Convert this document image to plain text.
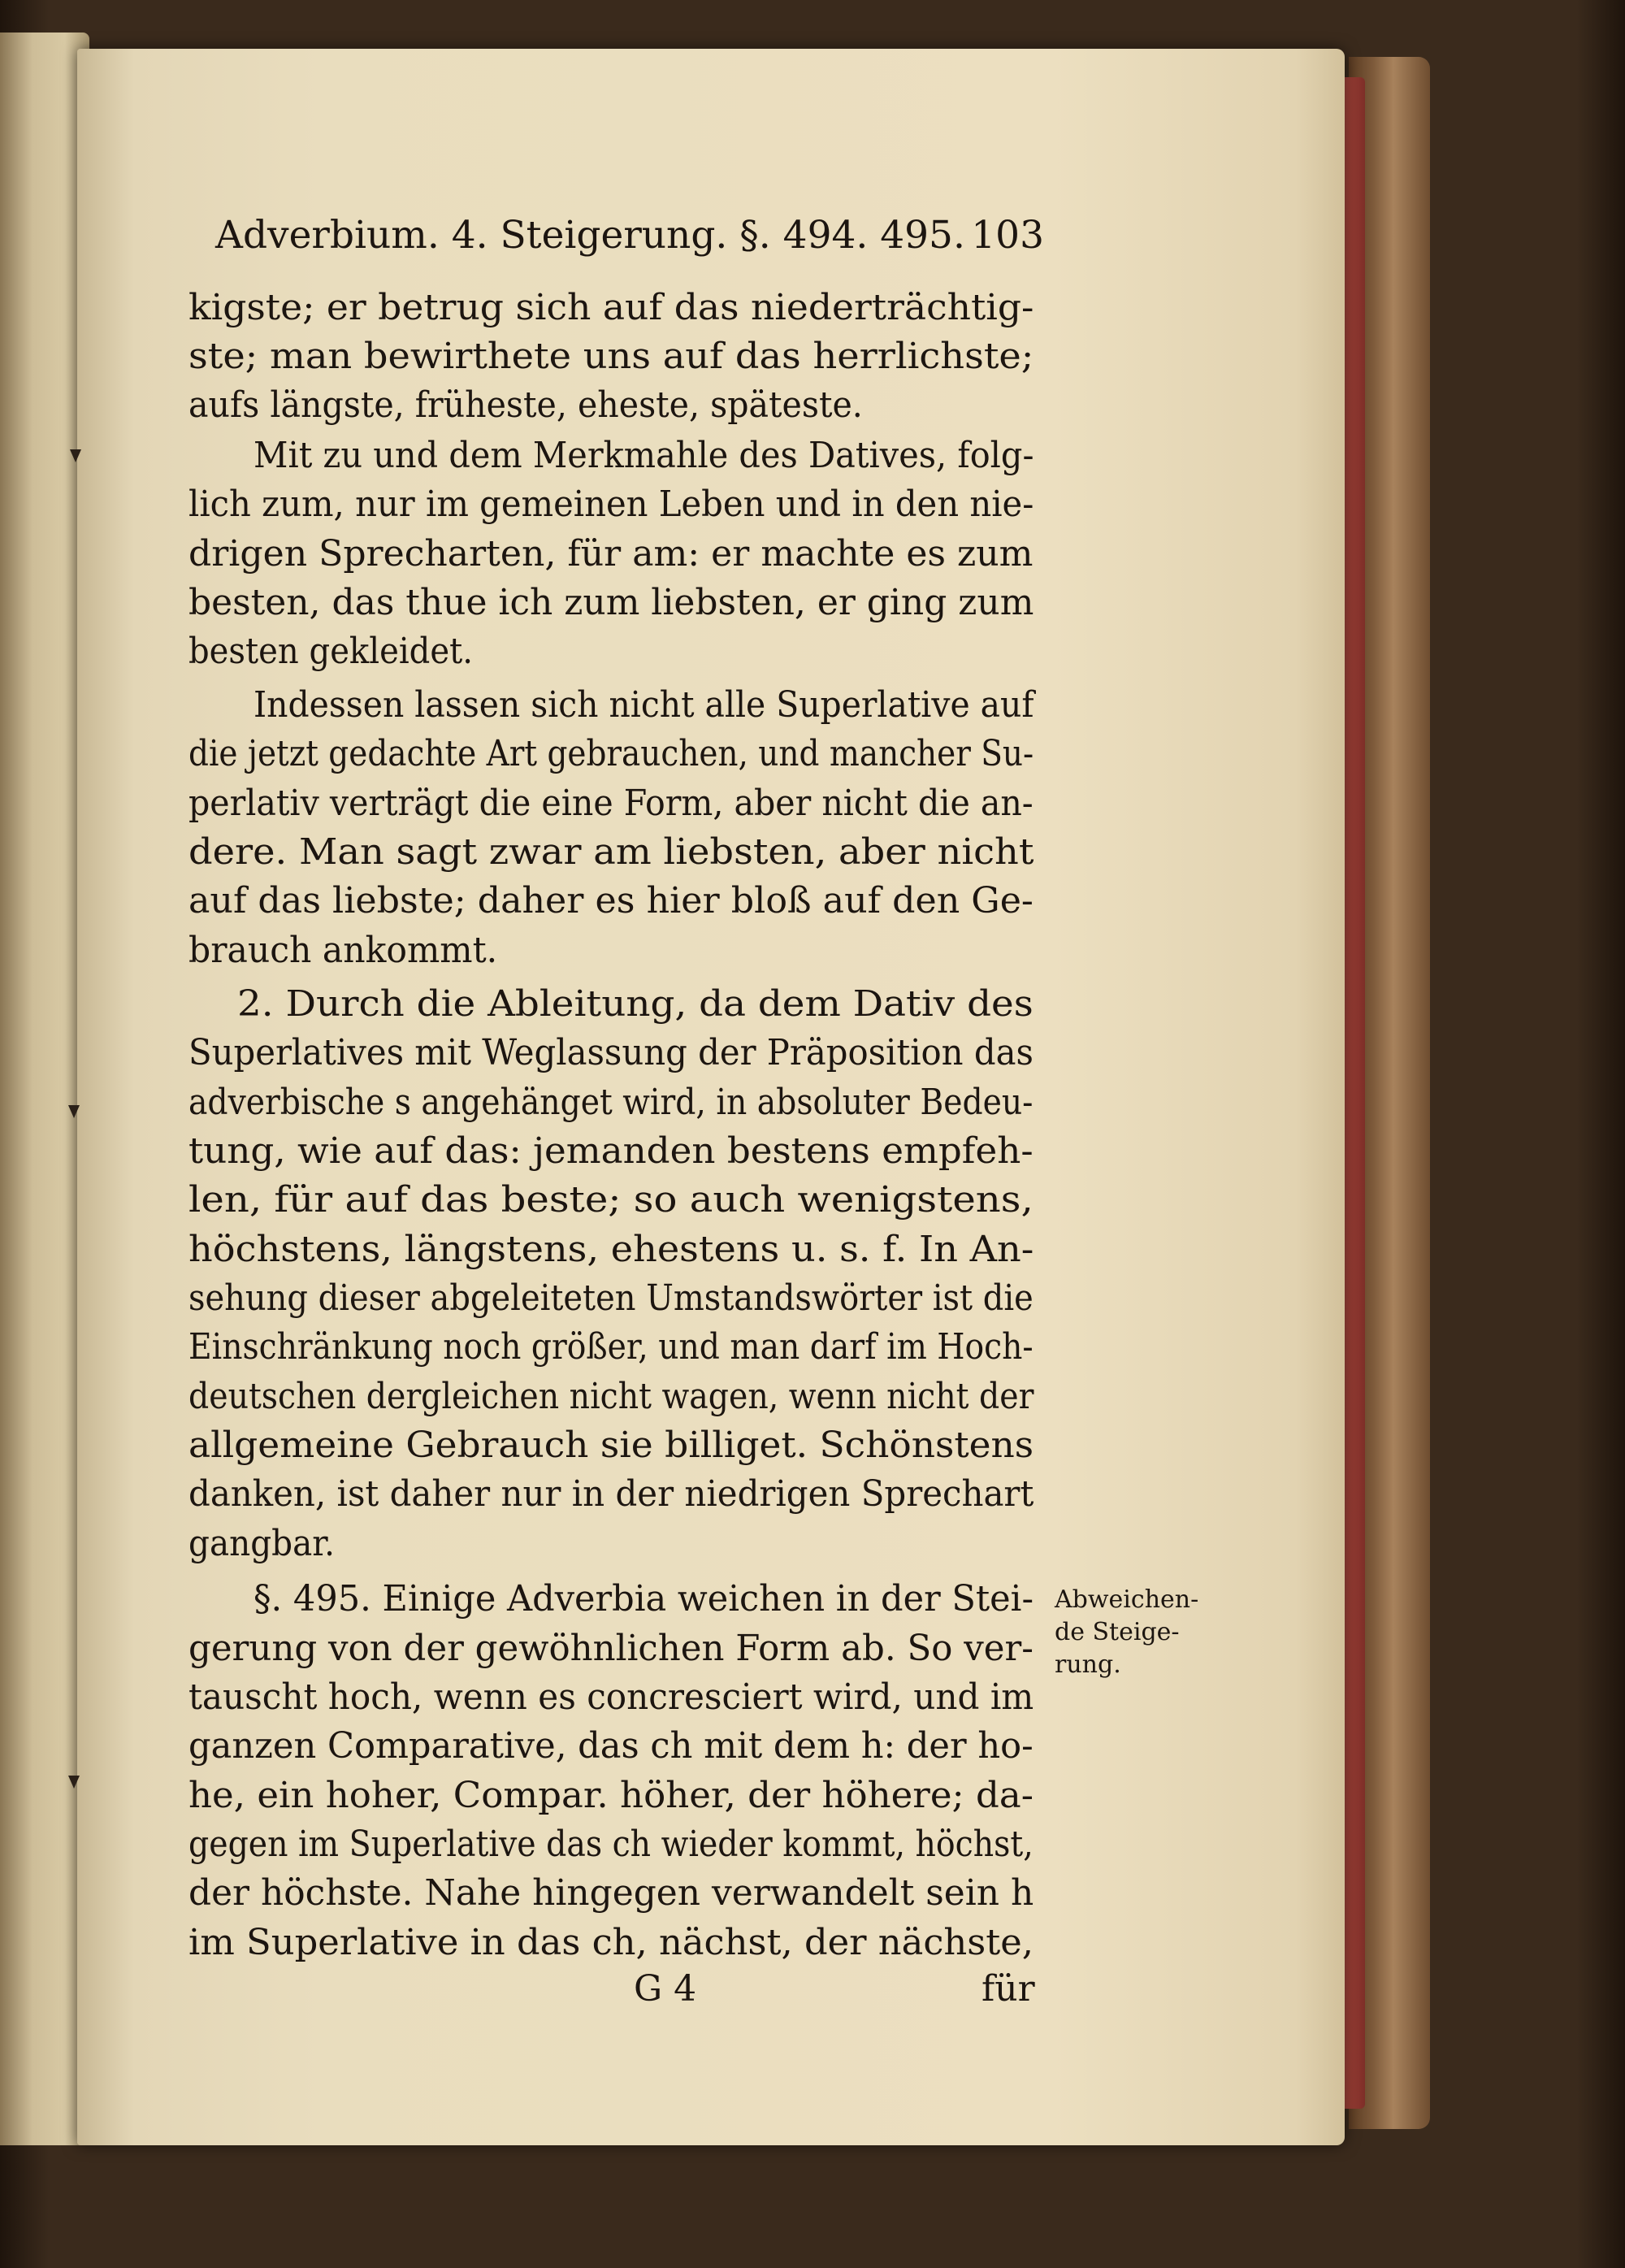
Adverbium. 4. Steigerung. §. 494. 495. 103
kigste; er betrug sich auf das niederträchtig-
ste; man bewirthete uns auf das herrlichste;
aufs längste, früheste, eheste, späteste.
Mit zu und dem Merkmahle des Datives, folg-
lich zum, nur im gemeinen Leben und in den nie-
drigen Sprecharten, für am: er machte es zum
besten, das thue ich zum liebsten, er ging zum
besten gekleidet.
Indessen lassen sich nicht alle Superlative auf
die jetzt gedachte Art gebrauchen, und mancher Su-
perlativ verträgt die eine Form, aber nicht die an-
dere. Man sagt zwar am liebsten, aber nicht
auf das liebste; daher es hier bloß auf den Ge-
brauch ankommt.
2. Durch die Ableitung, da dem Dativ des
Superlatives mit Weglassung der Präposition das
adverbische s angehänget wird, in absoluter Bedeu-
tung, wie auf das: jemanden bestens empfeh-
len, für auf das beste; so auch wenigstens,
höchstens, längstens, ehestens u. s. f. In An-
sehung dieser abgeleiteten Umstandswörter ist die
Einschränkung noch größer, und man darf im Hoch-
deutschen dergleichen nicht wagen, wenn nicht der
allgemeine Gebrauch sie billiget. Schönstens
danken, ist daher nur in der niedrigen Sprechart
gangbar.
§. 495. Einige Adverbia weichen in der Stei-
gerung von der gewöhnlichen Form ab. So ver-
tauscht hoch, wenn es concresciert wird, und im
ganzen Comparative, das ch mit dem h: der ho-
he, ein hoher, Compar. höher, der höhere; da-
gegen im Superlative das ch wieder kommt, höchst,
der höchste. Nahe hingegen verwandelt sein h
im Superlative in das ch, nächst, der nächste,
Abweichen-
de Steige-
rung.
G 4	für
